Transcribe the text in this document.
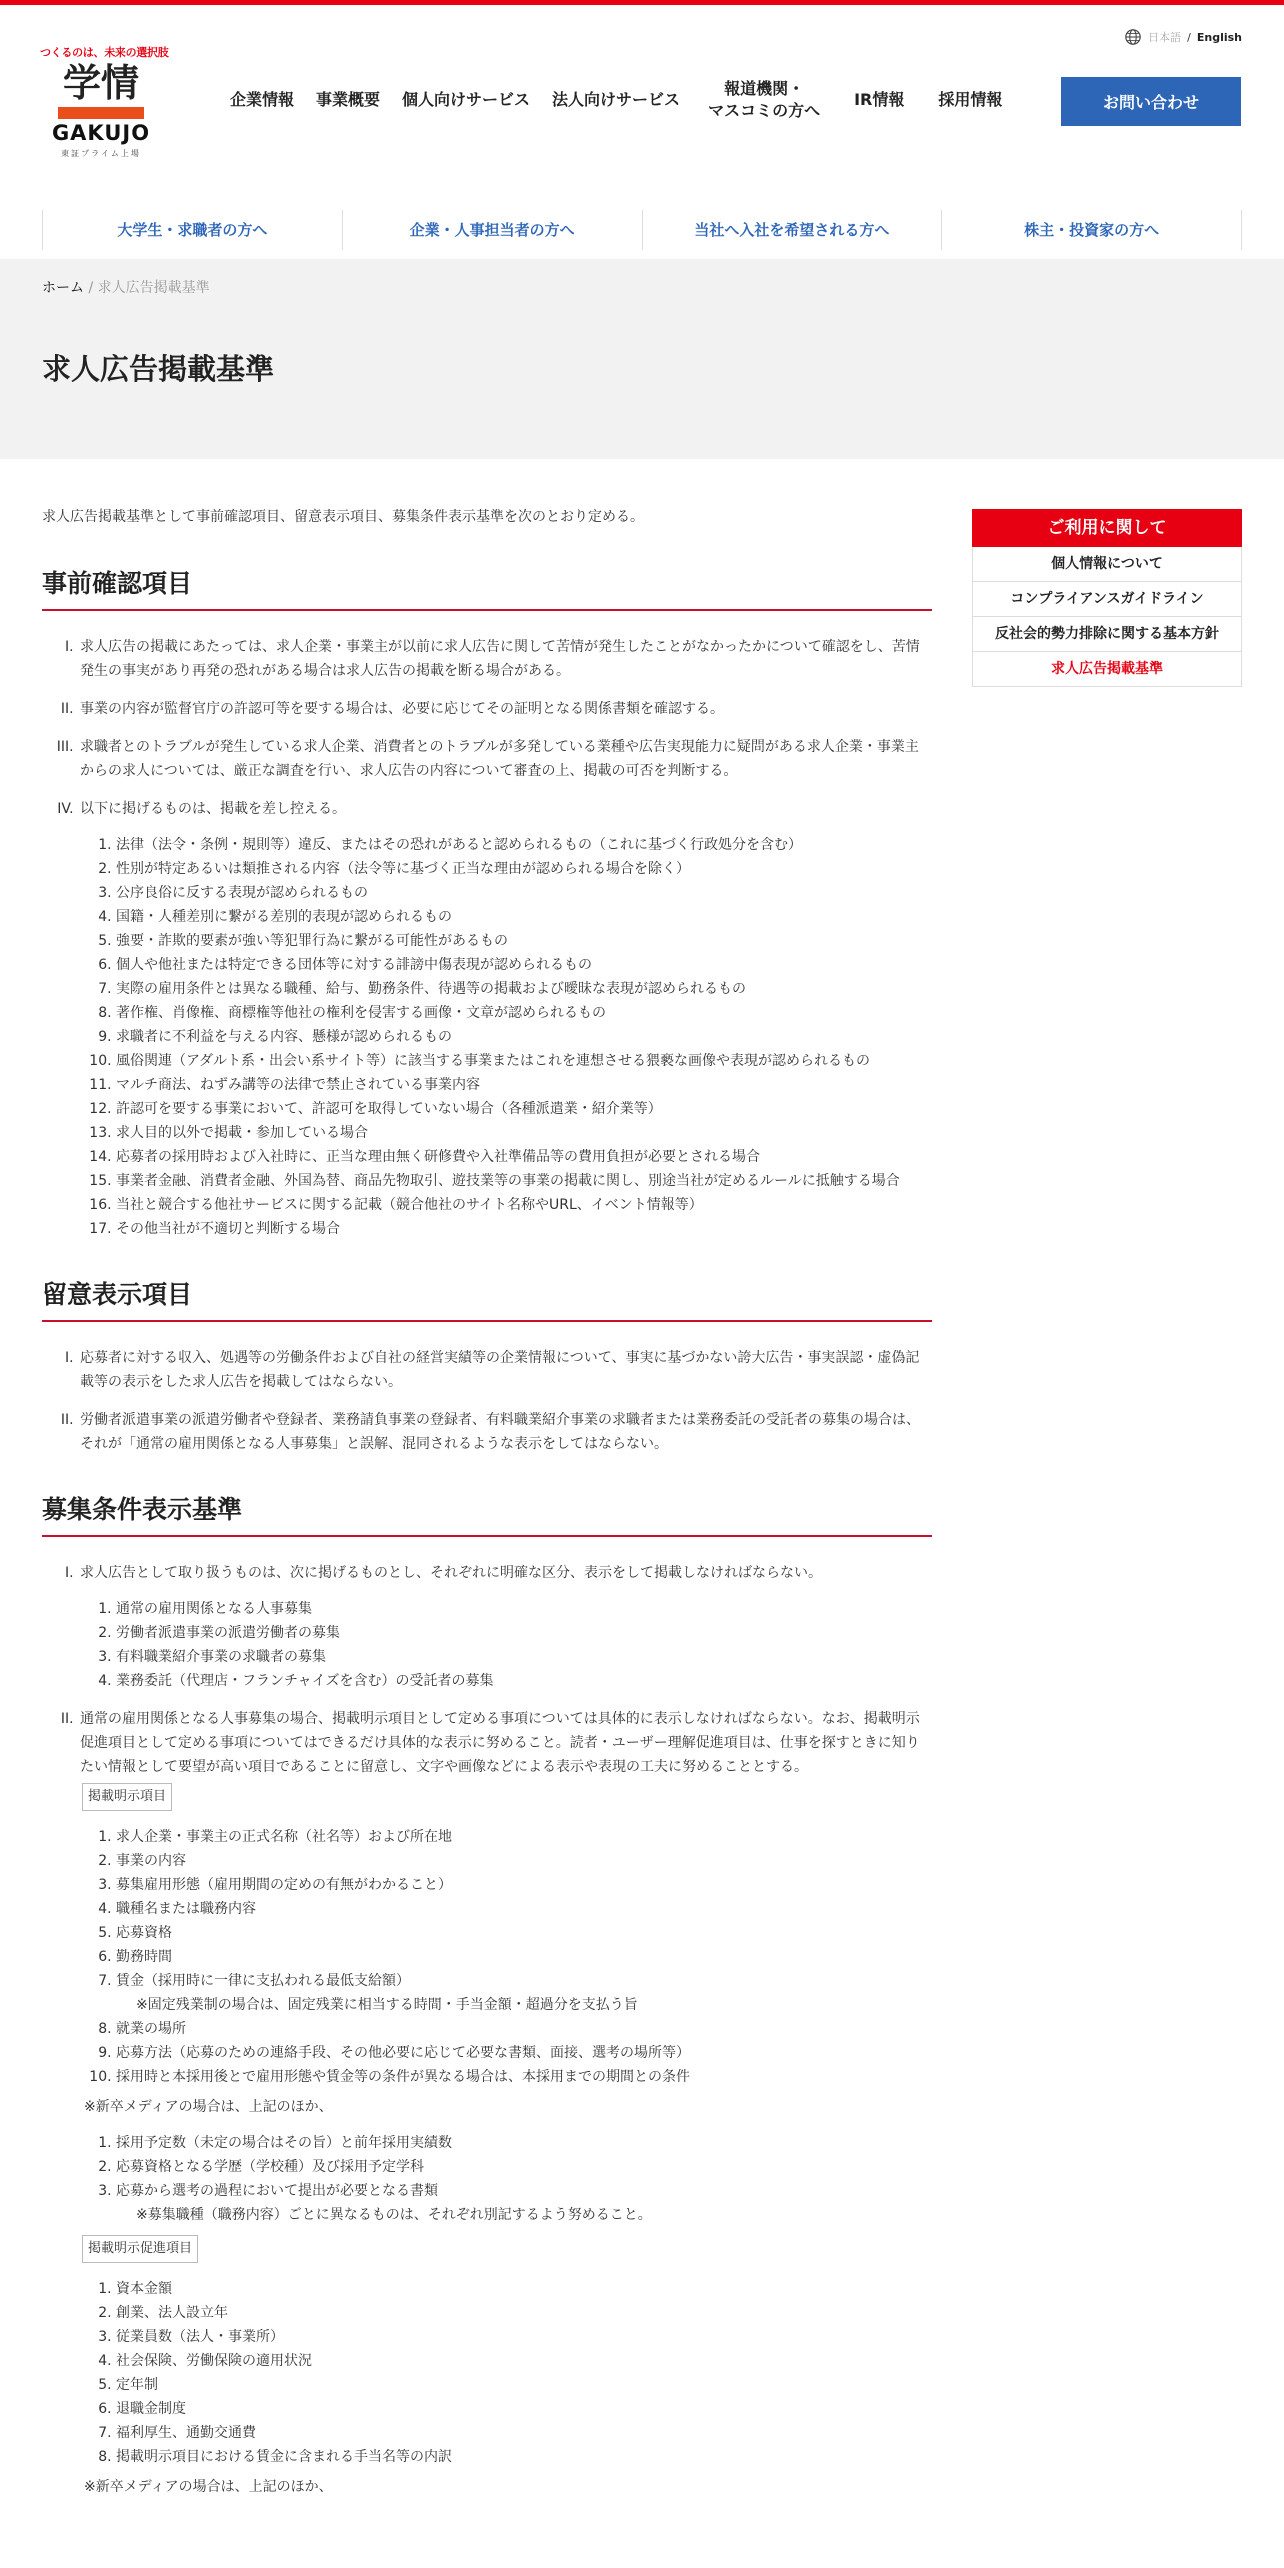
つくるのは、未来の選択肢
学情
GAKUJO
東証プライム上場
日本語 / English
企業情報 事業概要 個人向けサービス 法人向けサービス
報道機関・
マスコミの方へ
IR情報 採用情報	お問い合わせ
大学生・求職者の方へ	企業・人事担当者の方へ	当社へ入社を希望される方へ	株主・投資家の方へ
ホーム / 求人広告掲載基準
求人広告掲載基準

求人広告掲載基準として事前確認項目、留意表示項目、募集条件表示基準を次のとおり定める。

事前確認項目
I. 求人広告の掲載にあたっては、求人企業・事業主が以前に求人広告に関して苦情が発生したことがなかったかについて確認をし、苦情発生の事実があり再発の恐れがある場合は求人広告の掲載を断る場合がある。
II. 事業の内容が監督官庁の許認可等を要する場合は、必要に応じてその証明となる関係書類を確認する。
III. 求職者とのトラブルが発生している求人企業、消費者とのトラブルが多発している業種や広告実現能力に疑問がある求人企業・事業主からの求人については、厳正な調査を行い、求人広告の内容について審査の上、掲載の可否を判断する。
IV. 以下に掲げるものは、掲載を差し控える。
1. 法律（法令・条例・規則等）違反、またはその恐れがあると認められるもの（これに基づく行政処分を含む）
2. 性別が特定あるいは類推される内容（法令等に基づく正当な理由が認められる場合を除く）
3. 公序良俗に反する表現が認められるもの
4. 国籍・人種差別に繋がる差別的表現が認められるもの
5. 強要・詐欺的要素が強い等犯罪行為に繋がる可能性があるもの
6. 個人や他社または特定できる団体等に対する誹謗中傷表現が認められるもの
7. 実際の雇用条件とは異なる職種、給与、勤務条件、待遇等の掲載および曖昧な表現が認められるもの
8. 著作権、肖像権、商標権等他社の権利を侵害する画像・文章が認められるもの
9. 求職者に不利益を与える内容、懸様が認められるもの
10. 風俗関連（アダルト系・出会い系サイト等）に該当する事業またはこれを連想させる猥褻な画像や表現が認められるもの
11. マルチ商法、ねずみ講等の法律で禁止されている事業内容
12. 許認可を要する事業において、許認可を取得していない場合（各種派遣業・紹介業等）
13. 求人目的以外で掲載・参加している場合
14. 応募者の採用時および入社時に、正当な理由無く研修費や入社準備品等の費用負担が必要とされる場合
15. 事業者金融、消費者金融、外国為替、商品先物取引、遊技業等の事業の掲載に関し、別途当社が定めるルールに抵触する場合
16. 当社と競合する他社サービスに関する記載（競合他社のサイト名称やURL、イベント情報等）
17. その他当社が不適切と判断する場合
留意表示項目
I. 応募者に対する収入、処遇等の労働条件および自社の経営実績等の企業情報について、事実に基づかない誇大広告・事実誤認・虚偽記載等の表示をした求人広告を掲載してはならない。
II. 労働者派遣事業の派遣労働者や登録者、業務請負事業の登録者、有料職業紹介事業の求職者または業務委託の受託者の募集の場合は、それが「通常の雇用関係となる人事募集」と誤解、混同されるような表示をしてはならない。
募集条件表示基準
I. 求人広告として取り扱うものは、次に掲げるものとし、それぞれに明確な区分、表示をして掲載しなければならない。
1. 通常の雇用関係となる人事募集
2. 労働者派遣事業の派遣労働者の募集
3. 有料職業紹介事業の求職者の募集
4. 業務委託（代理店・フランチャイズを含む）の受託者の募集
II. 通常の雇用関係となる人事募集の場合、掲載明示項目として定める事項については具体的に表示しなければならない。なお、掲載明示促進項目として定める事項についてはできるだけ具体的な表示に努めること。読者・ユーザー理解促進項目は、仕事を探すときに知りたい情報として要望が高い項目であることに留意し、文字や画像などによる表示や表現の工夫に努めることとする。
掲載明示項目
1. 求人企業・事業主の正式名称（社名等）および所在地
2. 事業の内容
3. 募集雇用形態（雇用期間の定めの有無がわかること）
4. 職種名または職務内容
5. 応募資格
6. 勤務時間
7. 賃金（採用時に一律に支払われる最低支給額）
※固定残業制の場合は、固定残業に相当する時間・手当金額・超過分を支払う旨
8. 就業の場所
9. 応募方法（応募のための連絡手段、その他必要に応じて必要な書類、面接、選考の場所等）
10. 採用時と本採用後とで雇用形態や賃金等の条件が異なる場合は、本採用までの期間との条件
※新卒メディアの場合は、上記のほか、
1. 採用予定数（未定の場合はその旨）と前年採用実績数
2. 応募資格となる学歴（学校種）及び採用予定学科
3. 応募から選考の過程において提出が必要となる書類
※募集職種（職務内容）ごとに異なるものは、それぞれ別記するよう努めること。
掲載明示促進項目
1. 資本金額
2. 創業、法人設立年
3. 従業員数（法人・事業所）
4. 社会保険、労働保険の適用状況
5. 定年制
6. 退職金制度
7. 福利厚生、通勤交通費
8. 掲載明示項目における賃金に含まれる手当名等の内訳
※新卒メディアの場合は、上記のほか、
ご利用に関して
個人情報について
コンプライアンスガイドライン
反社会的勢力排除に関する基本方針
求人広告掲載基準
